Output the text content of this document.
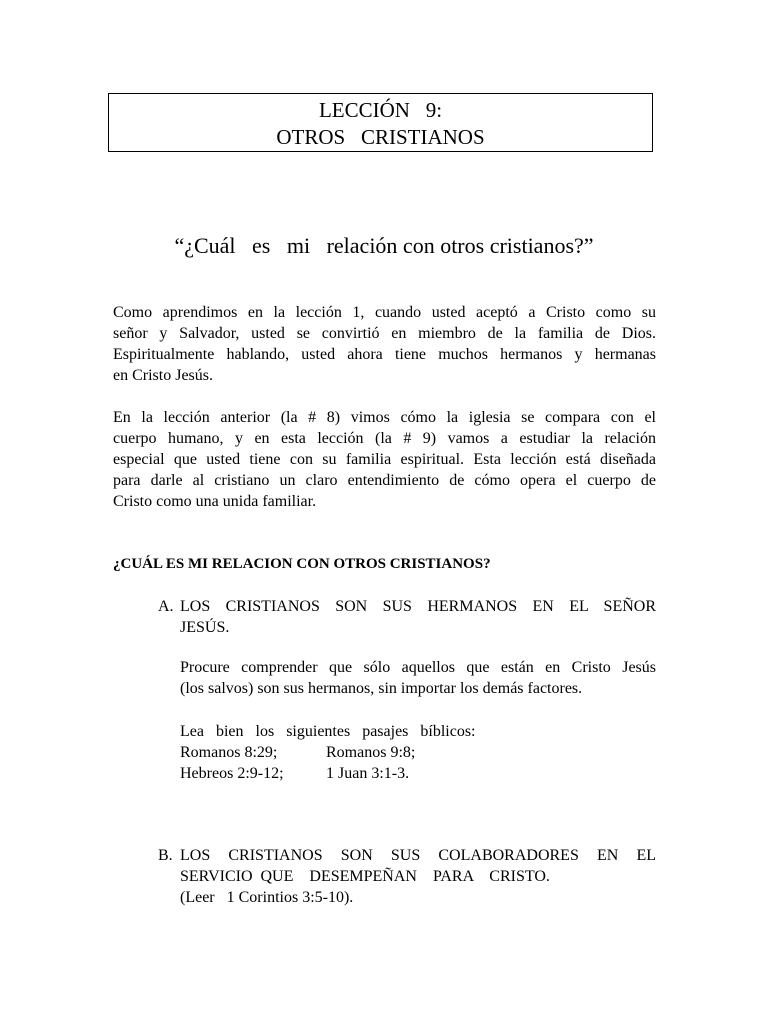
LECCIÓN   9:
OTROS   CRISTIANOS
“¿Cuál   es   mi   relación con otros cristianos?”
Como aprendimos en la lección 1, cuando usted aceptó a Cristo como su
señor y Salvador, usted se convirtió en miembro de la familia de Dios.
Espiritualmente hablando, usted ahora tiene muchos hermanos y hermanas
en Cristo Jesús.
En la lección anterior (la # 8) vimos cómo la iglesia se compara con el
cuerpo humano, y en esta lección (la # 9) vamos a estudiar la relación
especial que usted tiene con su familia espiritual. Esta lección está diseñada
para darle al cristiano un claro entendimiento de cómo opera el cuerpo de
Cristo como una unida familiar.
¿CUÁL ES MI RELACION CON OTROS CRISTIANOS?
A. LOS CRISTIANOS SON SUS HERMANOS EN EL SEÑOR
JESÚS.
Procure comprender que sólo aquellos que están en Cristo Jesús
(los salvos) son sus hermanos, sin importar los demás factores.
Lea   bien   los   siguientes   pasajes   bíblicos:
Romanos 8:29;	Romanos 9:8;
Hebreos 2:9-12;	1 Juan 3:1-3.
B. LOS CRISTIANOS SON SUS COLABORADORES EN EL
SERVICIO  QUE    DESEMPEÑAN    PARA    CRISTO.
(Leer   1 Corintios 3:5-10).
